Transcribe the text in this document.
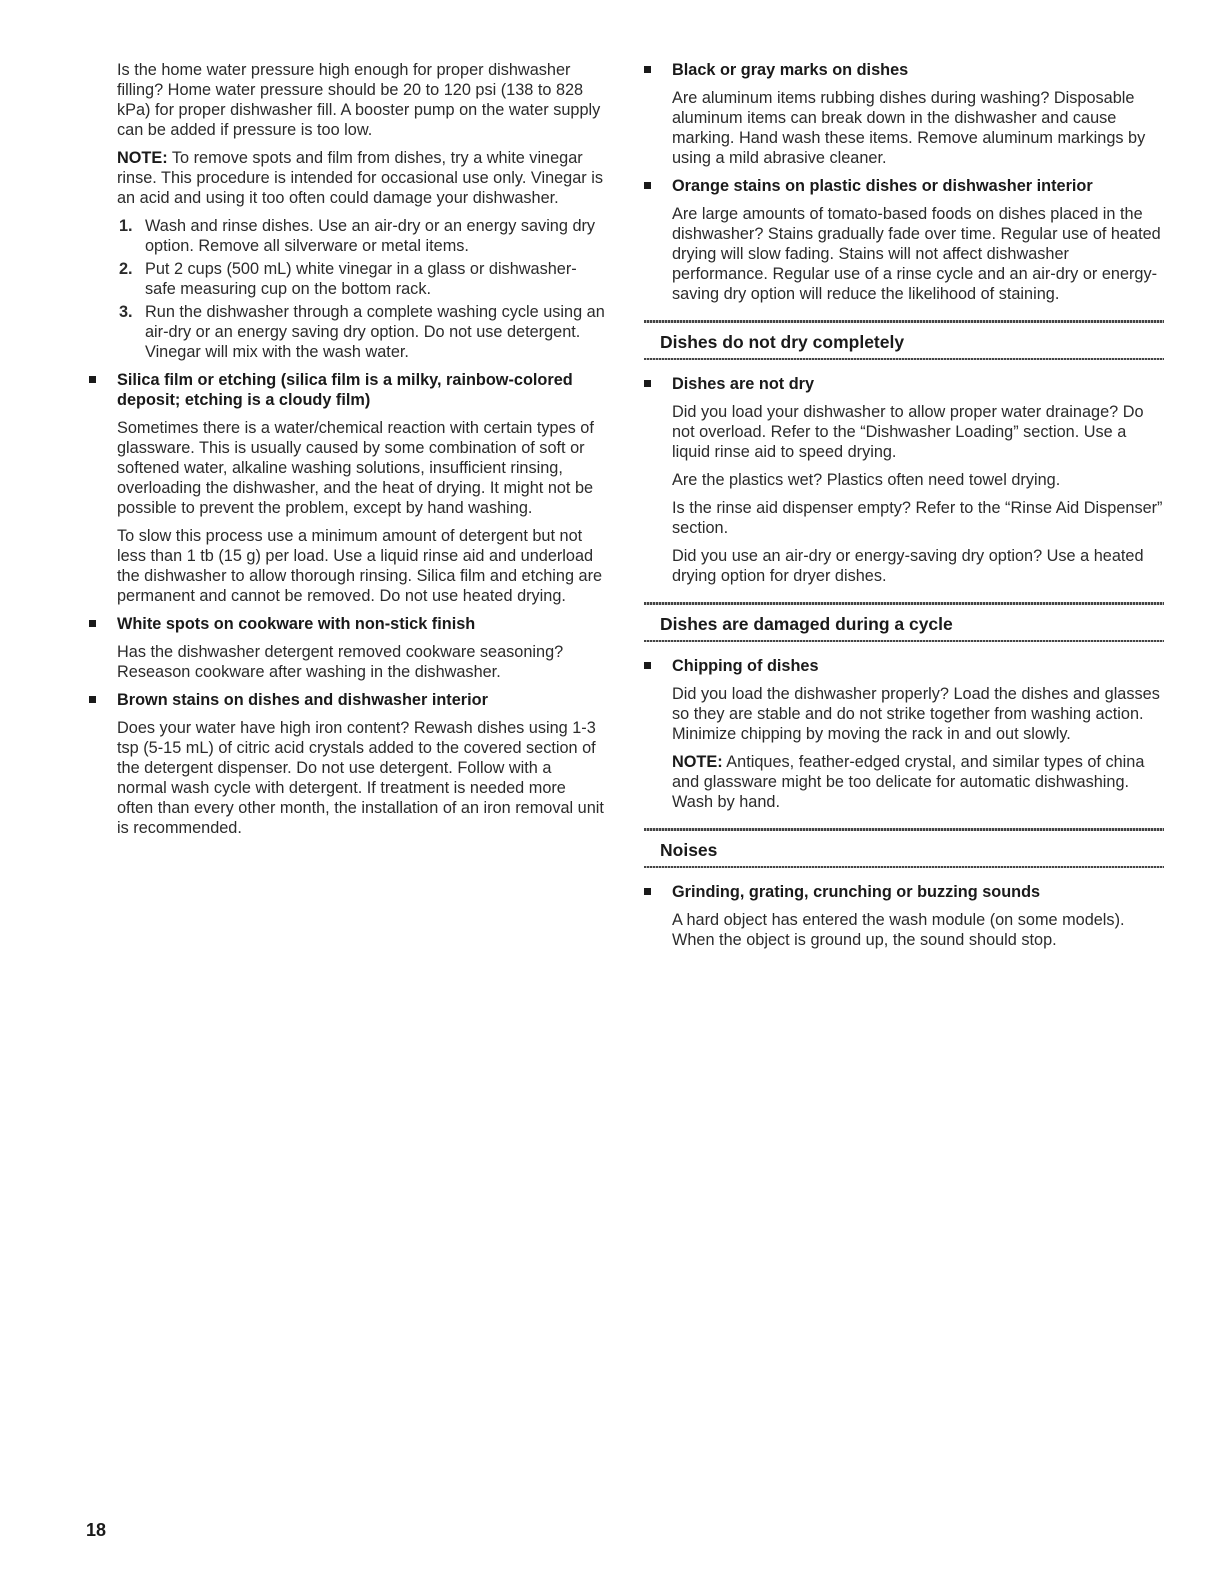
Is the home water pressure high enough for proper dishwasher filling? Home water pressure should be 20 to 120 psi (138 to 828 kPa) for proper dishwasher fill. A booster pump on the water supply can be added if pressure is too low.

NOTE: To remove spots and film from dishes, try a white vinegar rinse. This procedure is intended for occasional use only. Vinegar is an acid and using it too often could damage your dishwasher.

1. Wash and rinse dishes. Use an air-dry or an energy saving dry option. Remove all silverware or metal items.
2. Put 2 cups (500 mL) white vinegar in a glass or dishwasher-safe measuring cup on the bottom rack.
3. Run the dishwasher through a complete washing cycle using an air-dry or an energy saving dry option. Do not use detergent. Vinegar will mix with the wash water.
Silica film or etching (silica film is a milky, rainbow-colored deposit; etching is a cloudy film)

Sometimes there is a water/chemical reaction with certain types of glassware. This is usually caused by some combination of soft or softened water, alkaline washing solutions, insufficient rinsing, overloading the dishwasher, and the heat of drying. It might not be possible to prevent the problem, except by hand washing.

To slow this process use a minimum amount of detergent but not less than 1 tb (15 g) per load. Use a liquid rinse aid and underload the dishwasher to allow thorough rinsing. Silica film and etching are permanent and cannot be removed. Do not use heated drying.

White spots on cookware with non-stick finish

Has the dishwasher detergent removed cookware seasoning? Reseason cookware after washing in the dishwasher.

Brown stains on dishes and dishwasher interior

Does your water have high iron content? Rewash dishes using 1-3 tsp (5-15 mL) of citric acid crystals added to the covered section of the detergent dispenser. Do not use detergent. Follow with a normal wash cycle with detergent. If treatment is needed more often than every other month, the installation of an iron removal unit is recommended.

Black or gray marks on dishes

Are aluminum items rubbing dishes during washing? Disposable aluminum items can break down in the dishwasher and cause marking. Hand wash these items. Remove aluminum markings by using a mild abrasive cleaner.

Orange stains on plastic dishes or dishwasher interior

Are large amounts of tomato-based foods on dishes placed in the dishwasher? Stains gradually fade over time. Regular use of heated drying will slow fading. Stains will not affect dishwasher performance. Regular use of a rinse cycle and an air-dry or energy-saving dry option will reduce the likelihood of staining.

Dishes do not dry completely
Dishes are not dry

Did you load your dishwasher to allow proper water drainage? Do not overload. Refer to the “Dishwasher Loading” section. Use a liquid rinse aid to speed drying.

Are the plastics wet? Plastics often need towel drying.

Is the rinse aid dispenser empty? Refer to the “Rinse Aid Dispenser” section.

Did you use an air-dry or energy-saving dry option? Use a heated drying option for dryer dishes.

Dishes are damaged during a cycle
Chipping of dishes

Did you load the dishwasher properly? Load the dishes and glasses so they are stable and do not strike together from washing action. Minimize chipping by moving the rack in and out slowly.

NOTE: Antiques, feather-edged crystal, and similar types of china and glassware might be too delicate for automatic dishwashing. Wash by hand.

Noises
Grinding, grating, crunching or buzzing sounds

A hard object has entered the wash module (on some models). When the object is ground up, the sound should stop.

18
